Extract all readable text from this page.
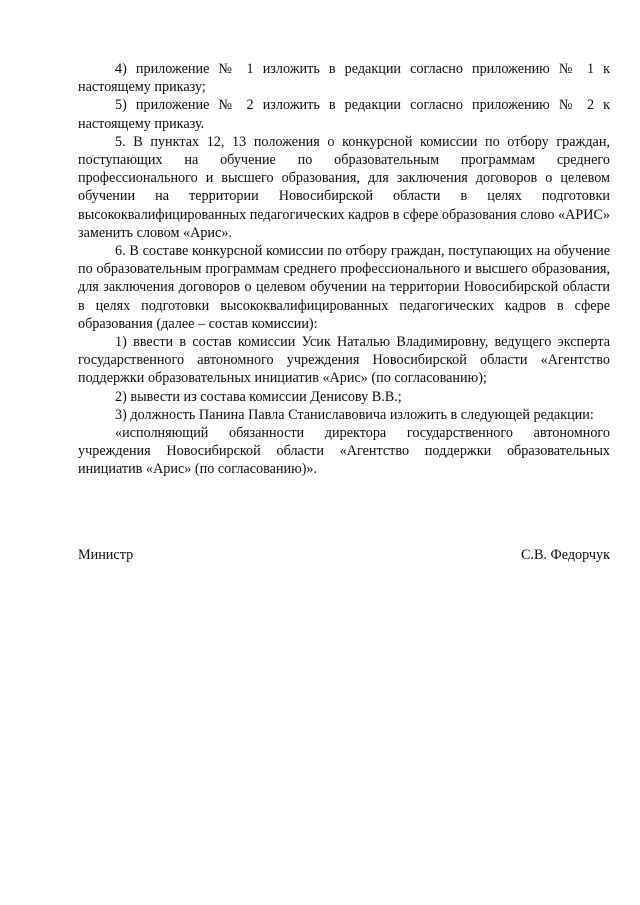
4) приложение № 1 изложить в редакции согласно приложению № 1 к настоящему приказу;

5) приложение № 2 изложить в редакции согласно приложению № 2 к настоящему приказу.

5. В пунктах 12, 13 положения о конкурсной комиссии по отбору граждан, поступающих на обучение по образовательным программам среднего профессионального и высшего образования, для заключения договоров о целевом обучении на территории Новосибирской области в целях подготовки высококвалифицированных педагогических кадров в сфере образования слово «АРИС» заменить словом «Арис».

6. В составе конкурсной комиссии по отбору граждан, поступающих на обучение по образовательным программам среднего профессионального и высшего образования, для заключения договоров о целевом обучении на территории Новосибирской области в целях подготовки высококвалифицированных педагогических кадров в сфере образования (далее – состав комиссии):

1) ввести в состав комиссии Усик Наталью Владимировну, ведущего эксперта государственного автономного учреждения Новосибирской области «Агентство поддержки образовательных инициатив «Арис» (по согласованию);

2) вывести из состава комиссии Денисову В.В.;

3) должность Панина Павла Станиславовича изложить в следующей редакции:

«исполняющий обязанности директора государственного автономного учреждения Новосибирской области «Агентство поддержки образовательных инициатив «Арис» (по согласованию)».

Министр	С.В. Федорчук
